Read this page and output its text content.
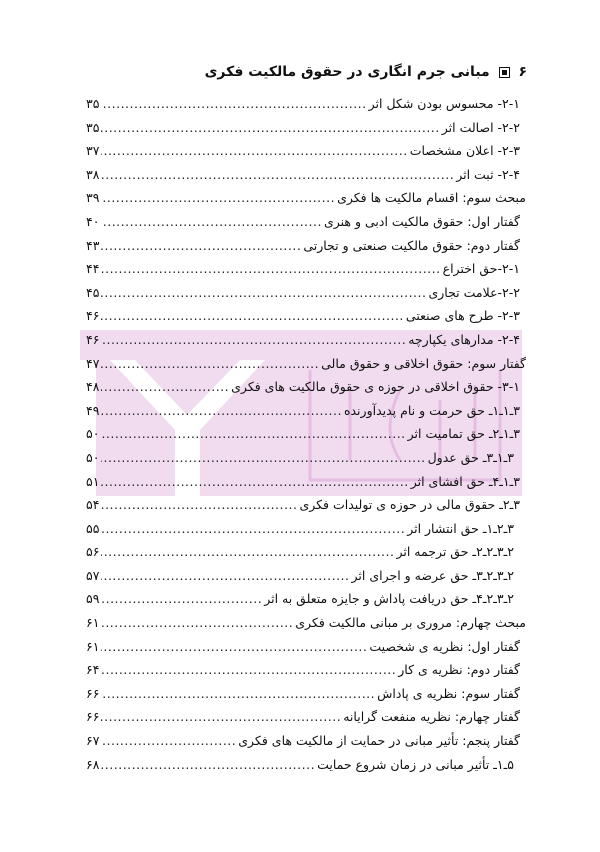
۶  مبانی جرم انگاری در حقوق مالکیت فکری
۲-۱- محسوس بودن شکل اثر
.....
۳۵
۲-۲- اصالت اثر
.....
۳۵
۲-۳- اعلان مشخصات
.....
۳۷
۲-۴- ثبت اثر
.....
۳۸
مبحث سوم: اقسام مالکیت ها فکری
.....
۳۹
گفتار اول: حقوق مالکیت ادبی و هنری
.....
۴۰
گفتار دوم: حقوق مالکیت صنعتی و تجارتی
.....
۴۳
۲-۱-حق اختراع
.....
۴۴
۲-۲-علامت تجاری
.....
۴۵
۲-۳- طرح های صنعتی
.....
۴۶
۲-۴- مدارهای یکپارچه
.....
۴۶
گفتار سوم: حقوق اخلاقی و حقوق مالی
.....
۴۷
۳-۱- حقوق اخلاقی در حوزه ی حقوق مالکیت های فکری
.....
۴۸
۳ـ۱ـ۱ـ حق حرمت و نام پدیدآورنده
.....
۴۹
۳ـ۱ـ۲ـ حق تمامیت اثر
.....
۵۰
۳ـ۱ـ۳ـ حق عدول
.....
۵۰
۳ـ۱ـ۴ـ حق افشای اثر
.....
۵۱
۳ـ۲ـ حقوق مالی در حوزه ی تولیدات فکری
.....
۵۴
۳ـ۲ـ۱ـ حق انتشار اثر
.....
۵۵
۲ـ۳ـ۲ـ۲ـ حق ترجمه اثر
.....
۵۶
۲ـ۳ـ۲ـ۳ـ حق عرضه و اجرای اثر
.....
۵۷
۲ـ۳ـ۲ـ۴ـ حق دریافت پاداش و جایزه متعلق به اثر
.....
۵۹
مبحث چهارم: مروری بر مبانی مالکیت فکری
.....
۶۱
گفتار اول: نظریه ی شخصیت
.....
۶۱
گفتار دوم: نظریه ی کار
.....
۶۴
گفتار سوم: نظریه ی پاداش
.....
۶۶
گفتار چهارم: نظریه منفعت گرایانه
.....
۶۶
گفتار پنجم: تأثیر مبانی در حمایت از مالکیت های فکری
.....
۶۷
۵ـ۱ـ تأثیر مبانی در زمان شروع حمایت
.....
۶۸
